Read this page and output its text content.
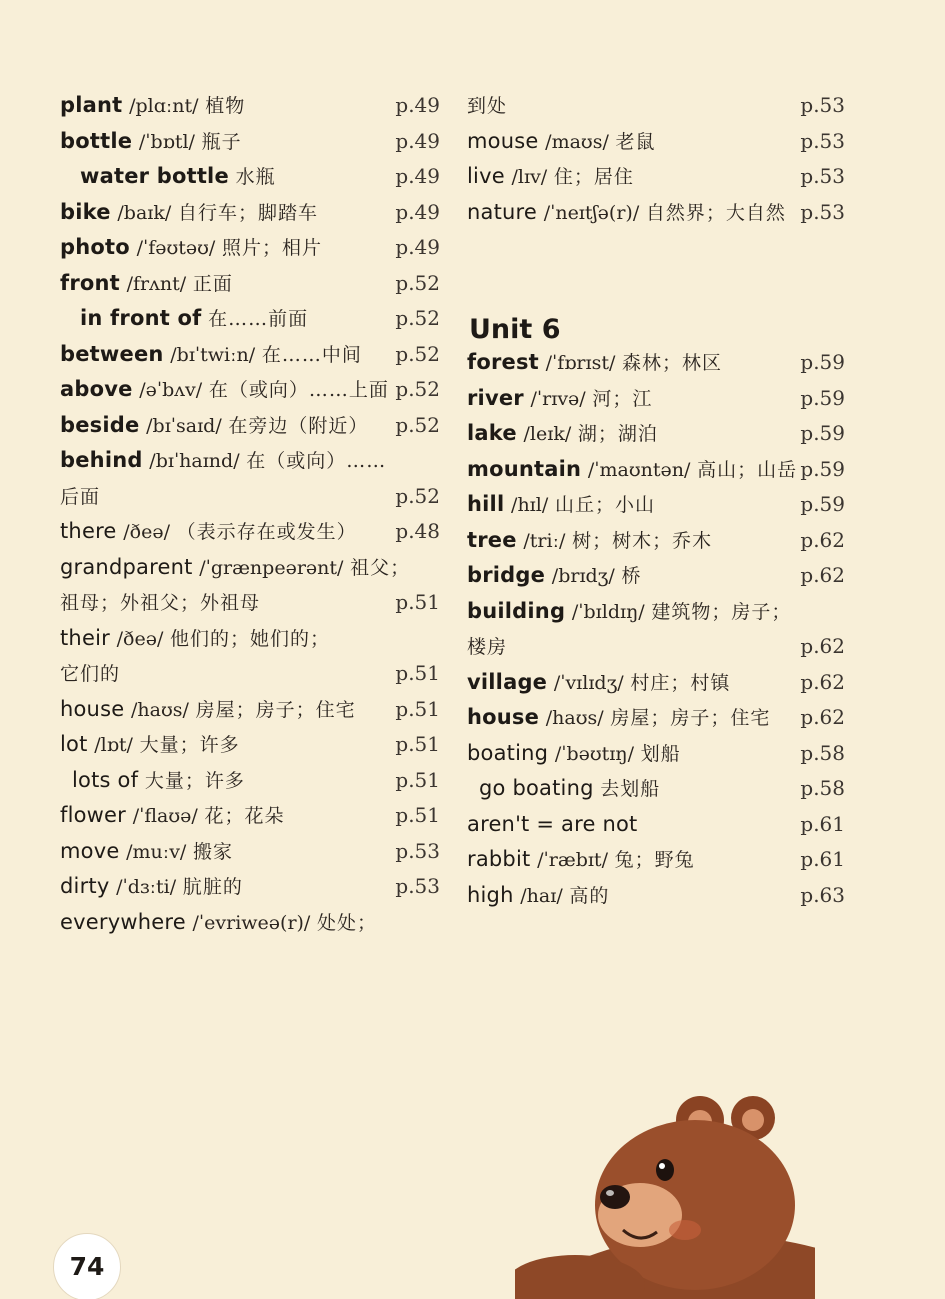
plant /plɑːnt/ 植物	p.49
bottle /ˈbɒtl/ 瓶子	p.49
water bottle 水瓶	p.49
bike /baɪk/ 自行车；脚踏车	p.49
photo /ˈfəʊtəʊ/ 照片；相片	p.49
front /frʌnt/ 正面	p.52
in front of 在……前面	p.52
between /bɪˈtwiːn/ 在……中间 p.52
above /əˈbʌv/ 在（或向）……上面 p.52
beside /bɪˈsaɪd/ 在旁边（附近） p.52
behind /bɪˈhaɪnd/ 在（或向）……
后面	p.52
there /ðeə/ （表示存在或发生） p.48
grandparent /ˈgrænpeərənt/ 祖父；
祖母；外祖父；外祖母	p.51
their /ðeə/ 他们的；她们的；
它们的	p.51
house /haʊs/ 房屋；房子；住宅 p.51
lot /lɒt/ 大量；许多	p.51
lots of 大量；许多	p.51
flower /ˈflaʊə/ 花；花朵	p.51
move /muːv/ 搬家	p.53
dirty /ˈdɜːti/ 肮脏的	p.53
everywhere /ˈevriweə(r)/ 处处；
到处	p.53
mouse /maʊs/ 老鼠	p.53
live /lɪv/ 住；居住	p.53
nature /ˈneɪtʃə(r)/ 自然界；大自然 p.53
Unit 6
forest /ˈfɒrɪst/ 森林；林区	p.59
river /ˈrɪvə/ 河；江	p.59
lake /leɪk/ 湖；湖泊	p.59
mountain /ˈmaʊntən/ 高山；山岳 p.59
hill /hɪl/ 山丘；小山	p.59
tree /triː/ 树；树木；乔木	p.62
bridge /brɪdʒ/ 桥	p.62
building /ˈbɪldɪŋ/ 建筑物；房子；
楼房	p.62
village /ˈvɪlɪdʒ/ 村庄；村镇	p.62
house /haʊs/ 房屋；房子；住宅 p.62
boating /ˈbəʊtɪŋ/ 划船	p.58
go boating 去划船	p.58
aren't = are not	p.61
rabbit /ˈræbɪt/ 兔；野兔	p.61
high /haɪ/ 高的	p.63
74
